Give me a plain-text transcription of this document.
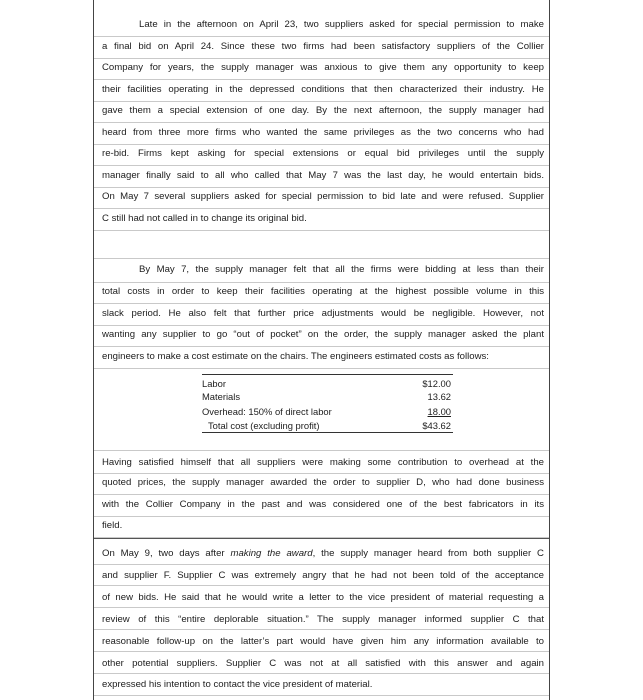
Late in the afternoon on April 23, two suppliers asked for special permission to make
a final bid on April 24. Since these two firms had been satisfactory suppliers of the Collier
Company for years, the supply manager was anxious to give them any opportunity to keep
their facilities operating in the depressed conditions that then characterized their industry. He
gave them a special extension of one day. By the next afternoon, the supply manager had
heard from three more firms who wanted the same privileges as the two concerns who had
re-bid. Firms kept asking for special extensions or equal bid privileges until the supply
manager finally said to all who called that May 7 was the last day, he would entertain bids.
On May 7 several suppliers asked for special permission to bid late and were refused. Supplier
C still had not called in to change its original bid.
By May 7, the supply manager felt that all the firms were bidding at less than their
total costs in order to keep their facilities operating at the highest possible volume in this
slack period. He also felt that further price adjustments would be negligible. However, not
wanting any supplier to go “out of pocket” on the order, the supply manager asked the plant
engineers to make a cost estimate on the chairs. The engineers estimated costs as follows:
Labor	$12.00
Materials	13.62
Overhead: 150% of direct labor	18.00
Total cost (excluding profit)	$43.62
Having satisfied himself that all suppliers were making some contribution to overhead at the
quoted prices, the supply manager awarded the order to supplier D, who had done business
with the Collier Company in the past and was considered one of the best fabricators in its
field.
On May 9, two days after making the award, the supply manager heard from both supplier C
and supplier F. Supplier C was extremely angry that he had not been told of the acceptance
of new bids. He said that he would write a letter to the vice president of material requesting a
review of this “entire deplorable situation.” The supply manager informed supplier C that
reasonable follow-up on the latter’s part would have given him any information available to
other potential suppliers. Supplier C was not at all satisfied with this answer and again
expressed his intention to contact the vice president of material.
